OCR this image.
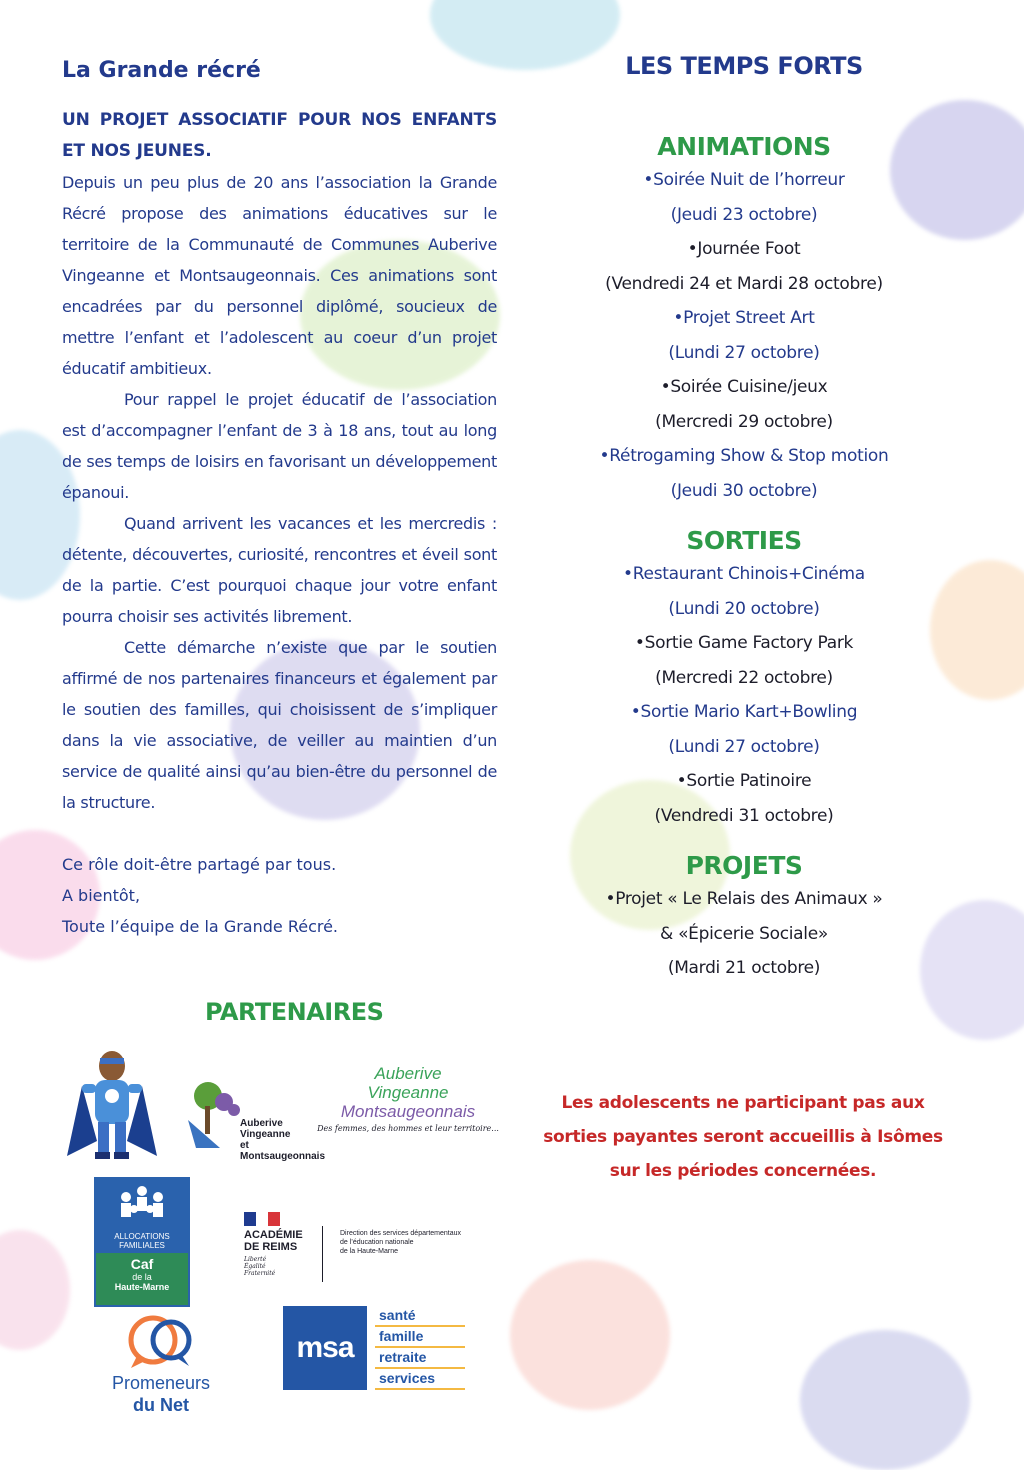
La Grande récré

UN PROJET ASSOCIATIF POUR NOS ENFANTS ET NOS JEUNES.

Depuis un peu plus de 20 ans l’association la Grande Récré propose des animations éducatives sur le territoire de la Communauté de Communes Auberive Vingeanne et Montsaugeonnais. Ces animations sont encadrées par du personnel diplômé, soucieux de mettre l’enfant et l’adolescent au coeur d’un projet éducatif ambitieux.

Pour rappel le projet éducatif de l’association est d’accompagner l’enfant de 3 à 18 ans, tout au long de ses temps de loisirs en favorisant un développement épanoui.

Quand arrivent les vacances et les mercredis : détente, découvertes, curiosité, rencontres et éveil sont de la partie. C’est pourquoi chaque jour votre enfant pourra choisir ses activités librement.

Cette démarche n’existe que par le soutien affirmé de nos partenaires financeurs et également par le soutien des familles, qui choisissent de s’impliquer dans la vie associative, de veiller au maintien d’un service de qualité ainsi qu’au bien-être du personnel de la structure.

Ce rôle doit-être partagé par tous.
A bientôt,
Toute l’équipe de la Grande Récré.
PARTENAIRES
LES TEMPS FORTS
ANIMATIONS
• Soirée Nuit de l’horreur
(Jeudi 23 octobre)
• Journée Foot
(Vendredi 24 et Mardi 28 octobre)
• Projet Street Art
(Lundi 27 octobre)
• Soirée Cuisine/jeux
(Mercredi 29 octobre)
• Rétrogaming Show & Stop motion
(Jeudi 30 octobre)
SORTIES
• Restaurant Chinois+Cinéma
(Lundi 20 octobre)
• Sortie Game Factory Park
(Mercredi 22 octobre)
• Sortie Mario Kart+Bowling
(Lundi 27 octobre)
• Sortie Patinoire
(Vendredi 31 octobre)
PROJETS
• Projet « Le Relais des Animaux »
& «Épicerie Sociale»
(Mardi 21 octobre)
Les adolescents ne participant pas aux sorties payantes seront accueillis à Isômes sur les périodes concernées.
Auberive
Vingeanne
et Montsaugeonnais
Auberive
Vingeanne
Montsaugeonnais
Des femmes, des hommes et leur territoire...
ALLOCATIONS
FAMILIALES
Caf
de la
Haute-Marne
ACADÉMIE
DE REIMS
Liberté
Égalité
Fraternité
Direction des services départementaux
de l’éducation nationale
de la Haute-Marne
Promeneurs
du Net
msa
santé
famille
retraite
services
